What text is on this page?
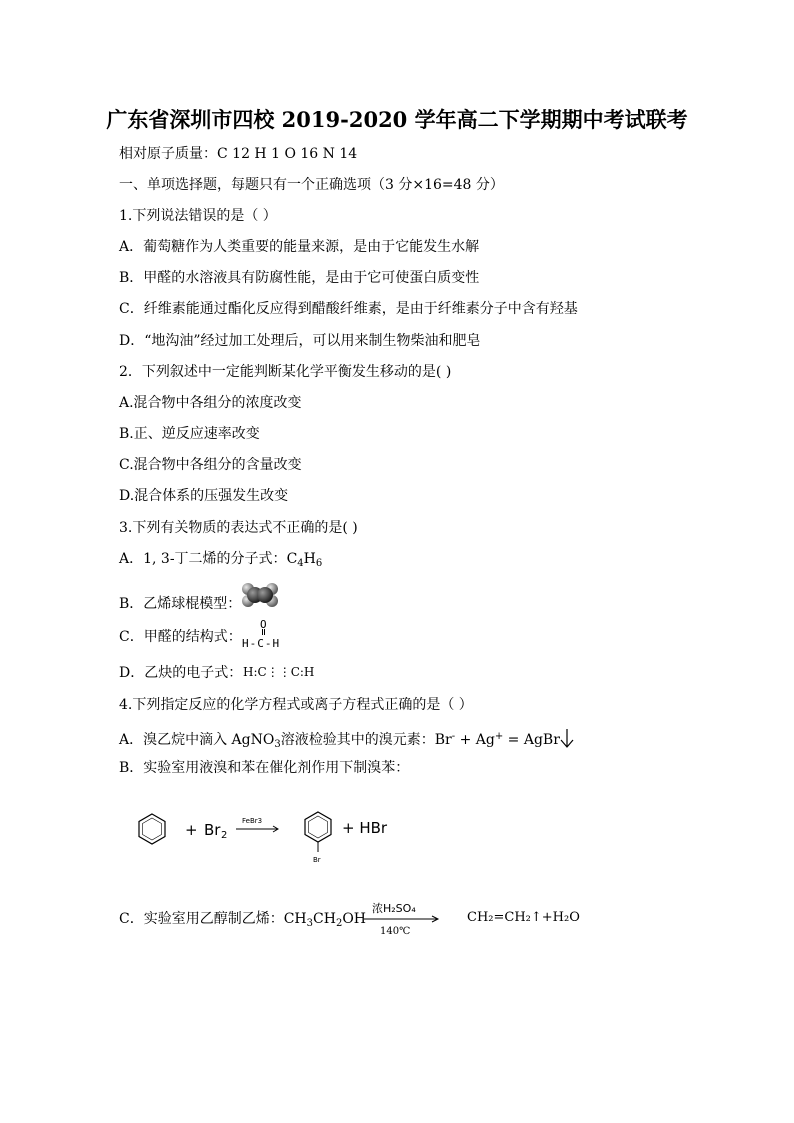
广东省深圳市四校 2019-2020 学年高二下学期期中考试联考
相对原子质量：C 12 H 1 O 16 N 14
一、单项选择题，每题只有一个正确选项（3 分×16=48 分）
1.下列说法错误的是（ ）
A．葡萄糖作为人类重要的能量来源，是由于它能发生水解
B．甲醛的水溶液具有防腐性能，是由于它可使蛋白质变性
C．纤维素能通过酯化反应得到醋酸纤维素，是由于纤维素分子中含有羟基
D．“地沟油”经过加工处理后，可以用来制生物柴油和肥皂
2．下列叙述中一定能判断某化学平衡发生移动的是( )
A.混合物中各组分的浓度改变
B.正、逆反应速率改变
C.混合物中各组分的含量改变
D.混合体系的压强发生改变
3.下列有关物质的表达式不正确的是( )
A．1, 3-丁二烯的分子式：$C_4H_6$
B．乙烯球棍模型：
C．甲醛的结构式：
O
H-C-H
D．乙炔的电子式： H:C⋮⋮C:H
4.下列指定反应的化学方程式或离子方程式正确的是（ ）
A．溴乙烷中滴入 AgNO$_3$溶液检验其中的溴元素：Br- + Ag+ = AgBr
B．实验室用液溴和苯在催化剂作用下制溴苯：
+ Br 2
FeBr3
Br
+ HBr
C．实验室用乙醇制乙烯：$CH_3CH_2OH$
浓H₂SO₄
140℃
CH₂=CH₂↑+H₂O
